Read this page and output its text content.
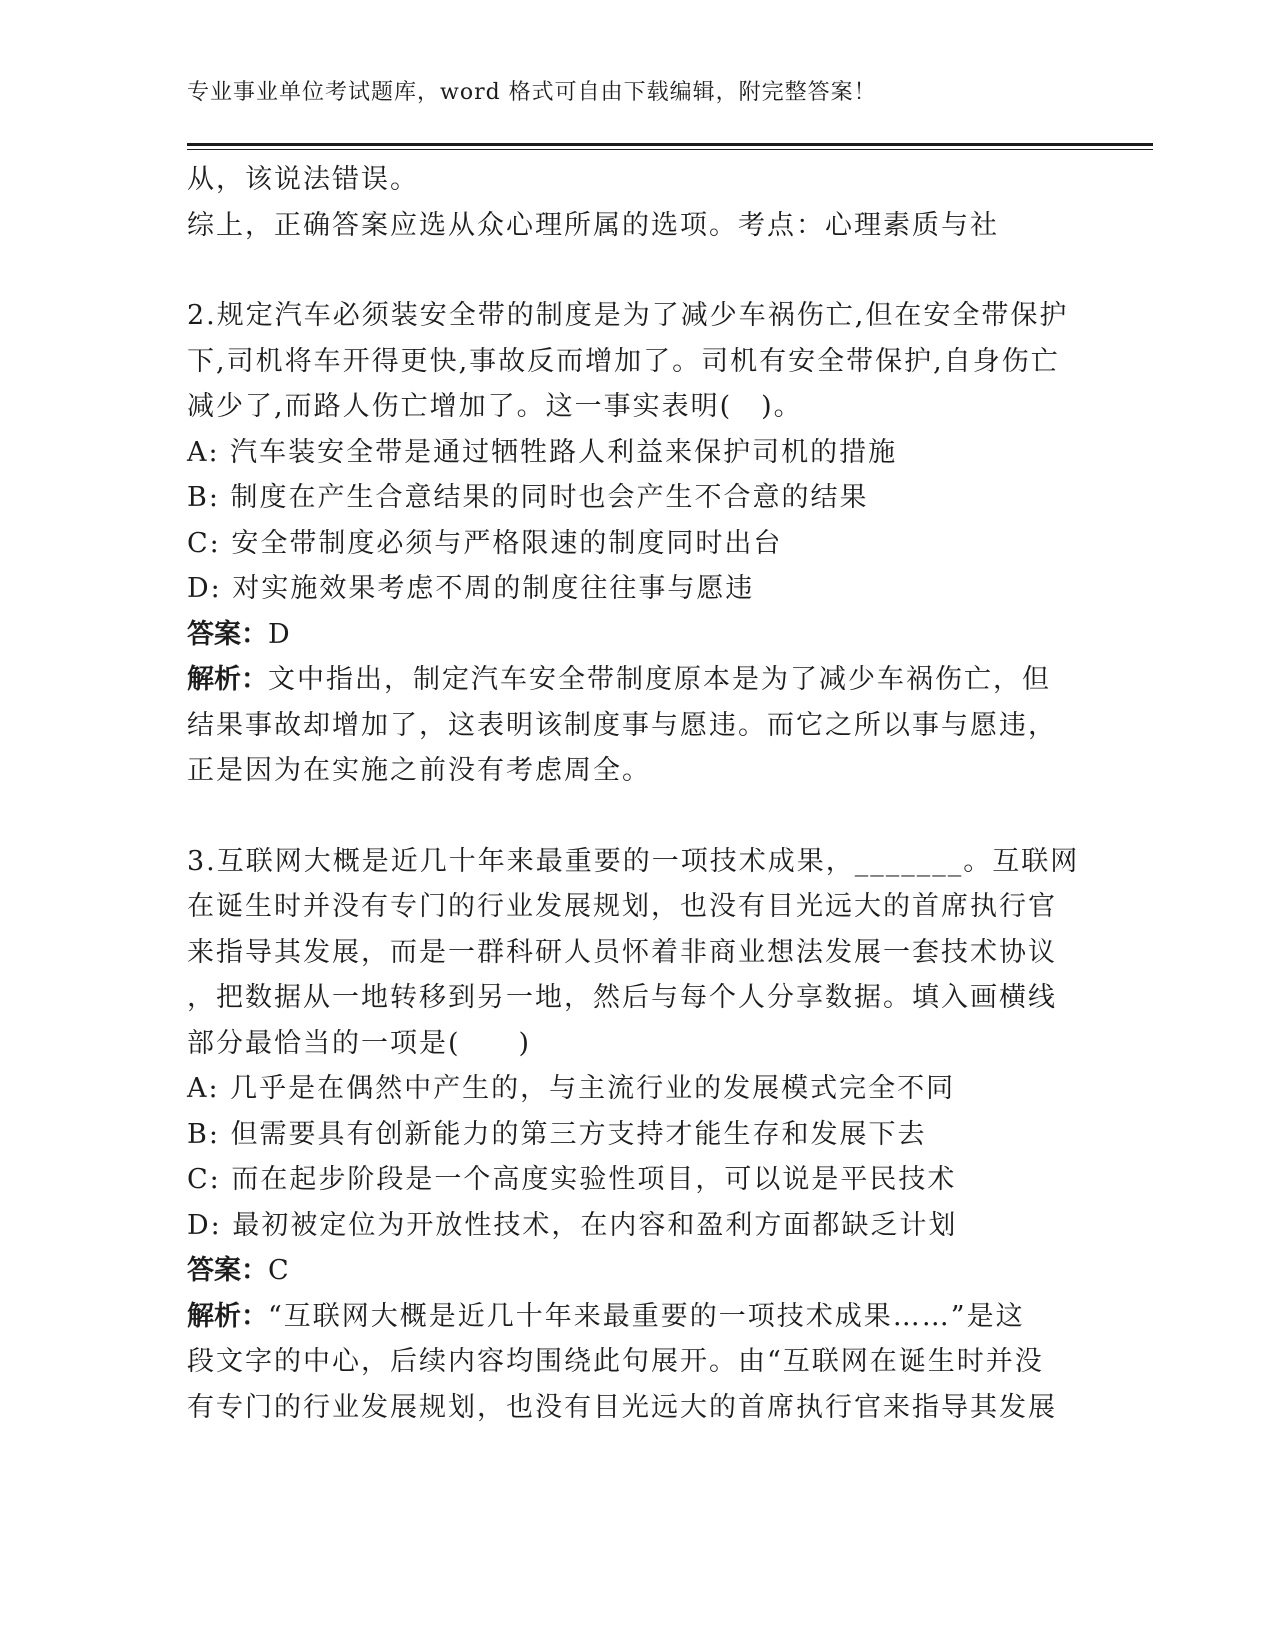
专业事业单位考试题库，word 格式可自由下载编辑，附完整答案！
从，该说法错误。
综上，正确答案应选从众心理所属的选项。考点：心理素质与社
2.规定汽车必须装安全带的制度是为了减少车祸伤亡,但在安全带保护
下,司机将车开得更快,事故反而增加了。司机有安全带保护,自身伤亡
减少了,而路人伤亡增加了。这一事实表明(　)。
A: 汽车装安全带是通过牺牲路人利益来保护司机的措施
B: 制度在产生合意结果的同时也会产生不合意的结果
C: 安全带制度必须与严格限速的制度同时出台
D: 对实施效果考虑不周的制度往往事与愿违
答案：D
解析：文中指出，制定汽车安全带制度原本是为了减少车祸伤亡，但
结果事故却增加了，这表明该制度事与愿违。而它之所以事与愿违，
正是因为在实施之前没有考虑周全。
3.互联网大概是近几十年来最重要的一项技术成果，_______。互联网
在诞生时并没有专门的行业发展规划，也没有目光远大的首席执行官
来指导其发展，而是一群科研人员怀着非商业想法发展一套技术协议
，把数据从一地转移到另一地，然后与每个人分享数据。填入画横线
部分最恰当的一项是(　　)
A: 几乎是在偶然中产生的，与主流行业的发展模式完全不同
B: 但需要具有创新能力的第三方支持才能生存和发展下去
C: 而在起步阶段是一个高度实验性项目，可以说是平民技术
D: 最初被定位为开放性技术，在内容和盈利方面都缺乏计划
答案：C
解析：“互联网大概是近几十年来最重要的一项技术成果……”是这
段文字的中心，后续内容均围绕此句展开。由“互联网在诞生时并没
有专门的行业发展规划，也没有目光远大的首席执行官来指导其发展
